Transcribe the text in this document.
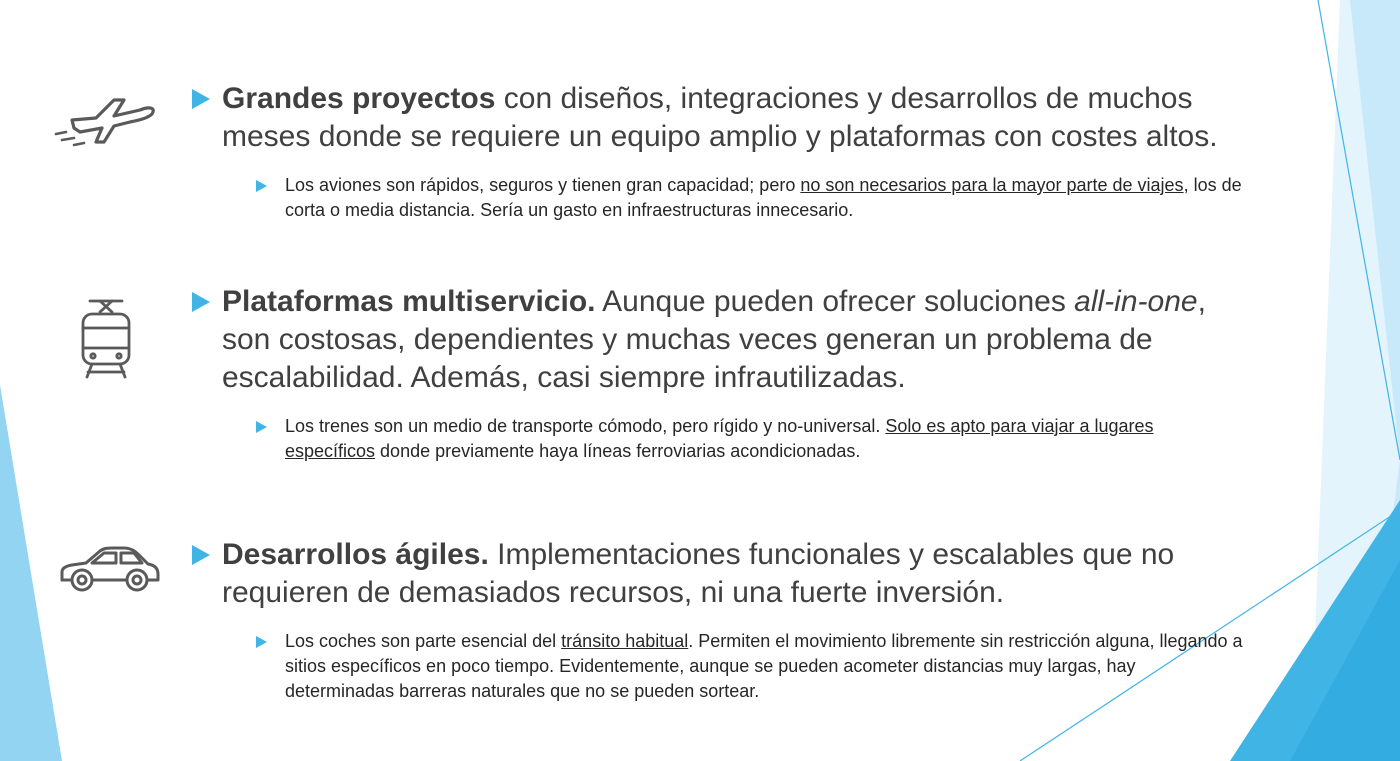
Grandes proyectos con diseños, integraciones y desarrollos de muchos meses donde se requiere un equipo amplio y plataformas con costes altos.

Los aviones son rápidos, seguros y tienen gran capacidad; pero no son necesarios para la mayor parte de viajes, los de corta o media distancia. Sería un gasto en infraestructuras innecesario.

Plataformas multiservicio. Aunque pueden ofrecer soluciones all-in-one, son costosas, dependientes y muchas veces generan un problema de escalabilidad. Además, casi siempre infrautilizadas.

Los trenes son un medio de transporte cómodo, pero rígido y no-universal. Solo es apto para viajar a lugares específicos donde previamente haya líneas ferroviarias acondicionadas.

Desarrollos ágiles. Implementaciones funcionales y escalables que no requieren de demasiados recursos, ni una fuerte inversión.

Los coches son parte esencial del tránsito habitual. Permiten el movimiento libremente sin restricción alguna, llegando a sitios específicos en poco tiempo. Evidentemente, aunque se pueden acometer distancias muy largas, hay determinadas barreras naturales que no se pueden sortear.
